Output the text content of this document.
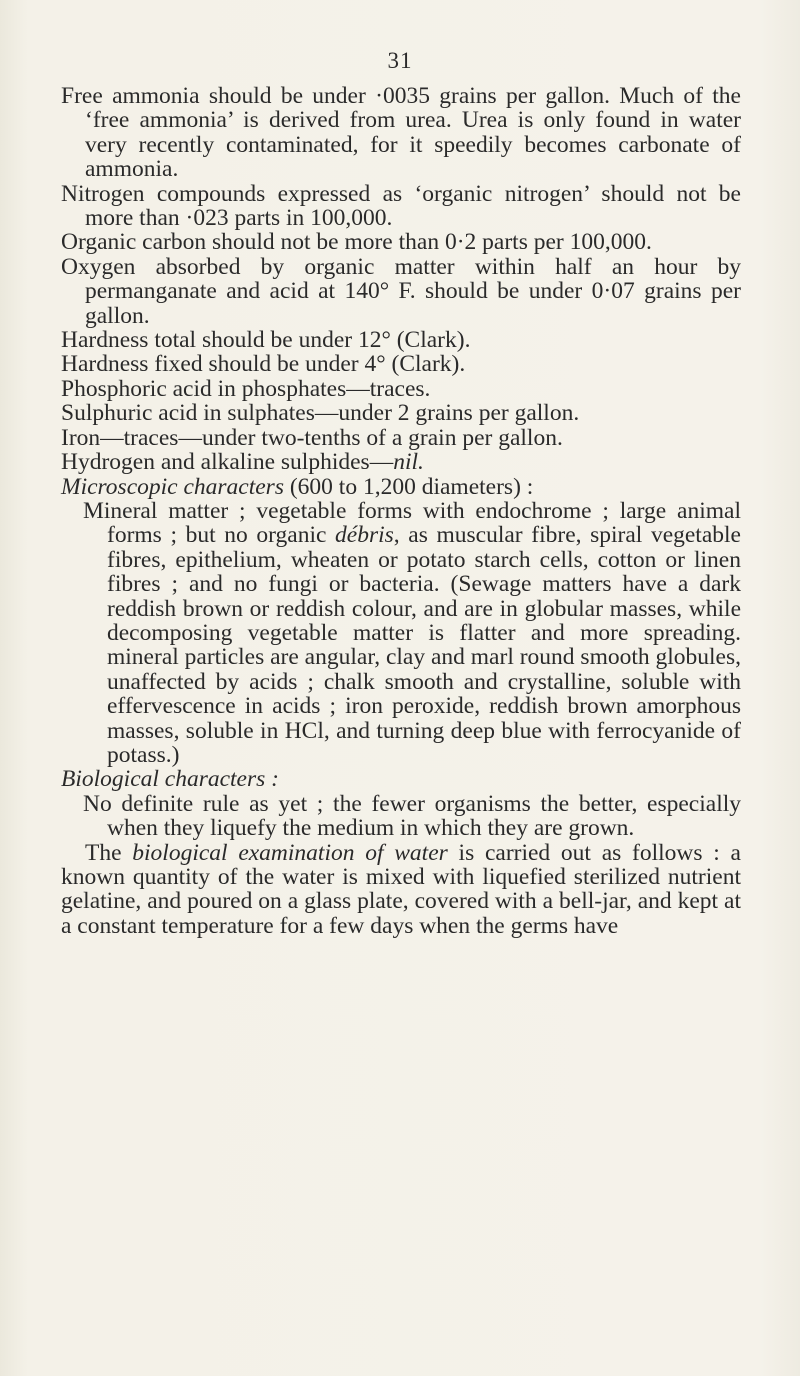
31

Free ammonia should be under ·0035 grains per gallon. Much of the ‘free ammonia’ is derived from urea. Urea is only found in water very recently contaminated, for it speedily becomes carbonate of ammonia.

Nitrogen compounds expressed as ‘organic nitrogen’ should not be more than ·023 parts in 100,000.

Organic carbon should not be more than 0·2 parts per 100,000.

Oxygen absorbed by organic matter within half an hour by permanganate and acid at 140° F. should be under 0·07 grains per gallon.

Hardness total should be under 12° (Clark).

Hardness fixed should be under 4° (Clark).

Phosphoric acid in phosphates—traces.

Sulphuric acid in sulphates—under 2 grains per gallon.

Iron—traces—under two-tenths of a grain per gallon.

Hydrogen and alkaline sulphides—nil.

Microscopic characters (600 to 1,200 diameters) :

Mineral matter ; vegetable forms with endochrome ; large animal forms ; but no organic débris, as muscular fibre, spiral vegetable fibres, epithelium, wheaten or potato starch cells, cotton or linen fibres ; and no fungi or bacteria. (Sewage matters have a dark reddish brown or reddish colour, and are in globular masses, while decomposing vegetable matter is flatter and more spreading. mineral particles are angular, clay and marl round smooth globules, unaffected by acids ; chalk smooth and crystalline, soluble with effervescence in acids ; iron peroxide, reddish brown amorphous masses, soluble in HCl, and turning deep blue with ferrocyanide of potass.)

Biological characters :

No definite rule as yet ; the fewer organisms the better, especially when they liquefy the medium in which they are grown.

The biological examination of water is carried out as follows : a known quantity of the water is mixed with liquefied sterilized nutrient gelatine, and poured on a glass plate, covered with a bell-jar, and kept at a constant temperature for a few days when the germs have
